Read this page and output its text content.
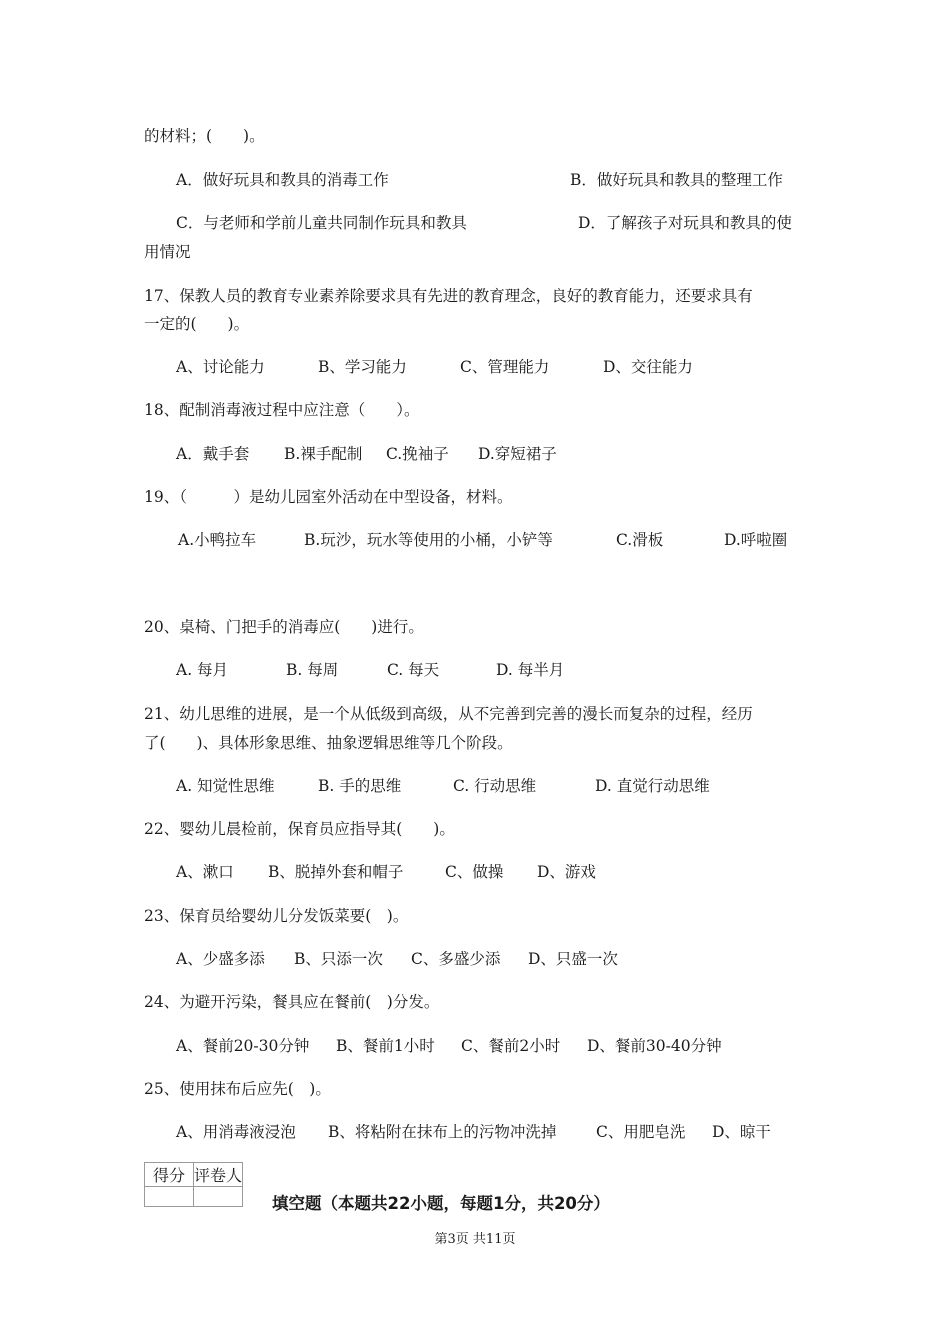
的材料；(　　)。
A．做好玩具和教具的消毒工作	B．做好玩具和教具的整理工作
C．与老师和学前儿童共同制作玩具和教具	D．了解孩子对玩具和教具的使
用情况
17、保教人员的教育专业素养除要求具有先进的教育理念，良好的教育能力，还要求具有
一定的(　　)。
A、讨论能力	B、学习能力	C、管理能力	D、交往能力
18、配制消毒液过程中应注意（　　）。
A．戴手套 B.裸手配制 C.挽袖子 D.穿短裙子
19、（　　　）是幼儿园室外活动在中型设备，材料。
A.小鸭拉车	B.玩沙，玩水等使用的小桶，小铲等	C.滑板	D.呼啦圈
20、桌椅、门把手的消毒应(　　)进行。
A. 每月	B. 每周	C. 每天	D. 每半月
21、幼儿思维的进展，是一个从低级到高级，从不完善到完善的漫长而复杂的过程，经历
了(　　)、具体形象思维、抽象逻辑思维等几个阶段。
A. 知觉性思维	B. 手的思维	C. 行动思维	D. 直觉行动思维
22、婴幼儿晨检前，保育员应指导其(　　)。
A、漱口 B、脱掉外套和帽子	C、做操 D、游戏
23、保育员给婴幼儿分发饭菜要(　)。
A、少盛多添 B、只添一次 C、多盛少添 D、只盛一次
24、为避开污染，餐具应在餐前(　)分发。
A、餐前20-30分钟 B、餐前1小时 C、餐前2小时 D、餐前30-40分钟
25、使用抹布后应先(　)。
A、用消毒液浸泡 B、将粘附在抹布上的污物冲洗掉	C、用肥皂洗 D、晾干
得分	评卷人

填空题（本题共22小题，每题1分，共20分）
第3页 共11页
